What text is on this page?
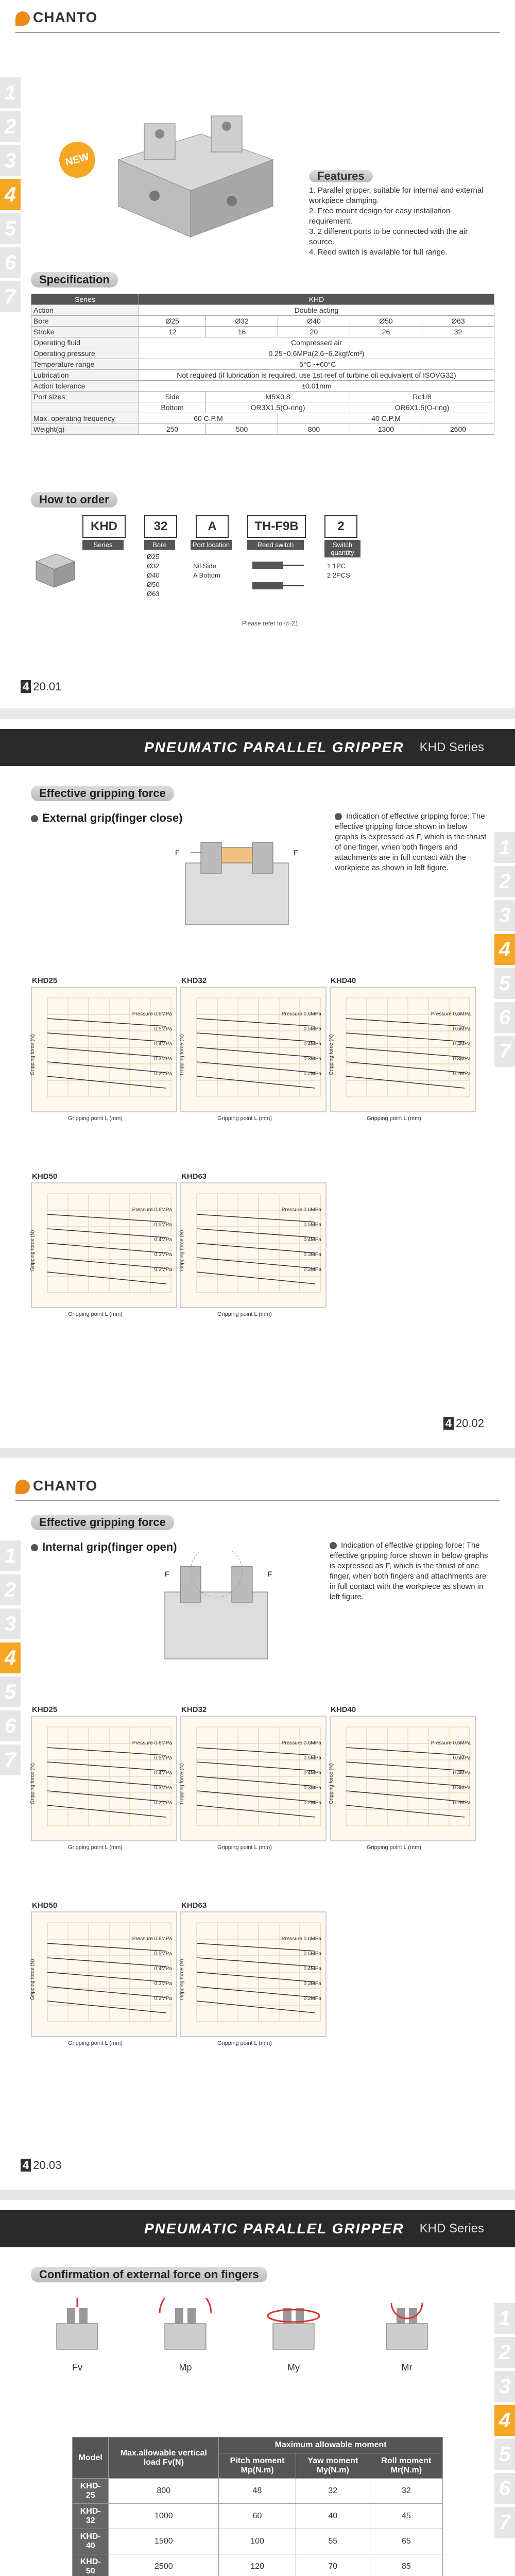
CHANTO
1
2
3
4
5
6
7
NEW
Features
1. Parallel gripper, suitable for internal and external workpiece clamping.
2. Free mount design for easy installation requirement.
3. 2 different ports to be connected with the air source.
4. Reed switch is available for full range.
Specification
Series	KHD				
Action	Double acting				
Bore	Ø25	Ø32	Ø40	Ø50	Ø63
Stroke	12	16	20	26	32
Operating fluid	Compressed air				
Operating pressure	0.25~0.6MPa(2.6~6.2kgf/cm²)				
Temperature range	-5°C~+60°C				
Lubrication	Not required (if lubrication is required, use 1st reef of turbine oil equivalent of ISOVG32)				
Action tolerance	±0.01mm				
Port sizes	Side	M5X0.8		Rc1/8	
	Bottom	OR3X1.5(O-ring)		OR6X1.5(O-ring)	
Max. operating frequency	60 C.P.M		40 C.P.M		
Weight(g)	250	500	800	1300	2600
How to order
KHD	32	A	TH-F9B	2
Series	Bore
Ø25
Ø32
Ø40
Ø50
Ø63
Port location
Nil Side
A Bottom
Reed switch
Please refer to ⑦-21
Switch quantity
1 1PC
2 2PCS
4 20.01
PNEUMATIC PARALLEL GRIPPER KHD Series
1
2
3
4
5
6
7
Effective gripping force
External grip(finger close)
F	F
Indication of effective gripping force: The effective gripping force shown in below graphs is expressed as F, which is the thrust of one finger, when both fingers and attachments are in full contact with the workpiece as shown in left figure.
KHD25
Pressure 0.6MPa
0.5MPa
0.4MPa
0.3MPa
0.2MPa
Gripping force (N)
Gripping point L (mm)
KHD32
Pressure 0.6MPa
0.5MPa
0.4MPa
0.3MPa
0.2MPa
Gripping force (N)
Gripping point L (mm)
KHD40
Pressure 0.6MPa
0.5MPa
0.4MPa
0.3MPa
0.2MPa
Gripping force (N)
Gripping point L (mm)
KHD50
Pressure 0.6MPa
0.5MPa
0.4MPa
0.3MPa
0.2MPa
Gripping force (N)
Gripping point L (mm)
KHD63
Pressure 0.6MPa
0.5MPa
0.4MPa
0.3MPa
0.2MPa
Gripping force (N)
Gripping point L (mm)
4 20.02
CHANTO
1
2
3
4
5
6
7
Effective gripping force
Internal grip(finger open)
F	F
Indication of effective gripping force: The effective gripping force shown in below graphs is expressed as F, which is the thrust of one finger, when both fingers and attachments are in full contact with the workpiece as shown in left figure.
KHD25
Pressure 0.6MPa
0.5MPa
0.4MPa
0.3MPa
0.2MPa
Gripping force (N)
Gripping point L (mm)
KHD32
Pressure 0.6MPa
0.5MPa
0.4MPa
0.3MPa
0.2MPa
Gripping force (N)
Gripping point L (mm)
KHD40
Pressure 0.6MPa
0.5MPa
0.4MPa
0.3MPa
0.2MPa
Gripping force (N)
Gripping point L (mm)
KHD50
Pressure 0.6MPa
0.5MPa
0.4MPa
0.3MPa
0.2MPa
Gripping force (N)
Gripping point L (mm)
KHD63
Pressure 0.6MPa
0.5MPa
0.4MPa
0.3MPa
0.2MPa
Gripping force (N)
Gripping point L (mm)
4 20.03
PNEUMATIC PARALLEL GRIPPER KHD Series
1
2
3
4
5
6
7
Confirmation of external force on fingers
Fv	Mp	My	Mr
Model	Max.allowable vertical load Fv(N)	Maximum allowable moment		
		Pitch moment Mp(N.m)	Yaw moment My(N.m)	Roll moment Mr(N.m)
KHD-25	800	48	32	32
KHD-32	1000	60	40	45
KHD-40	1500	100	55	65
KHD-50	2500	120	70	85
